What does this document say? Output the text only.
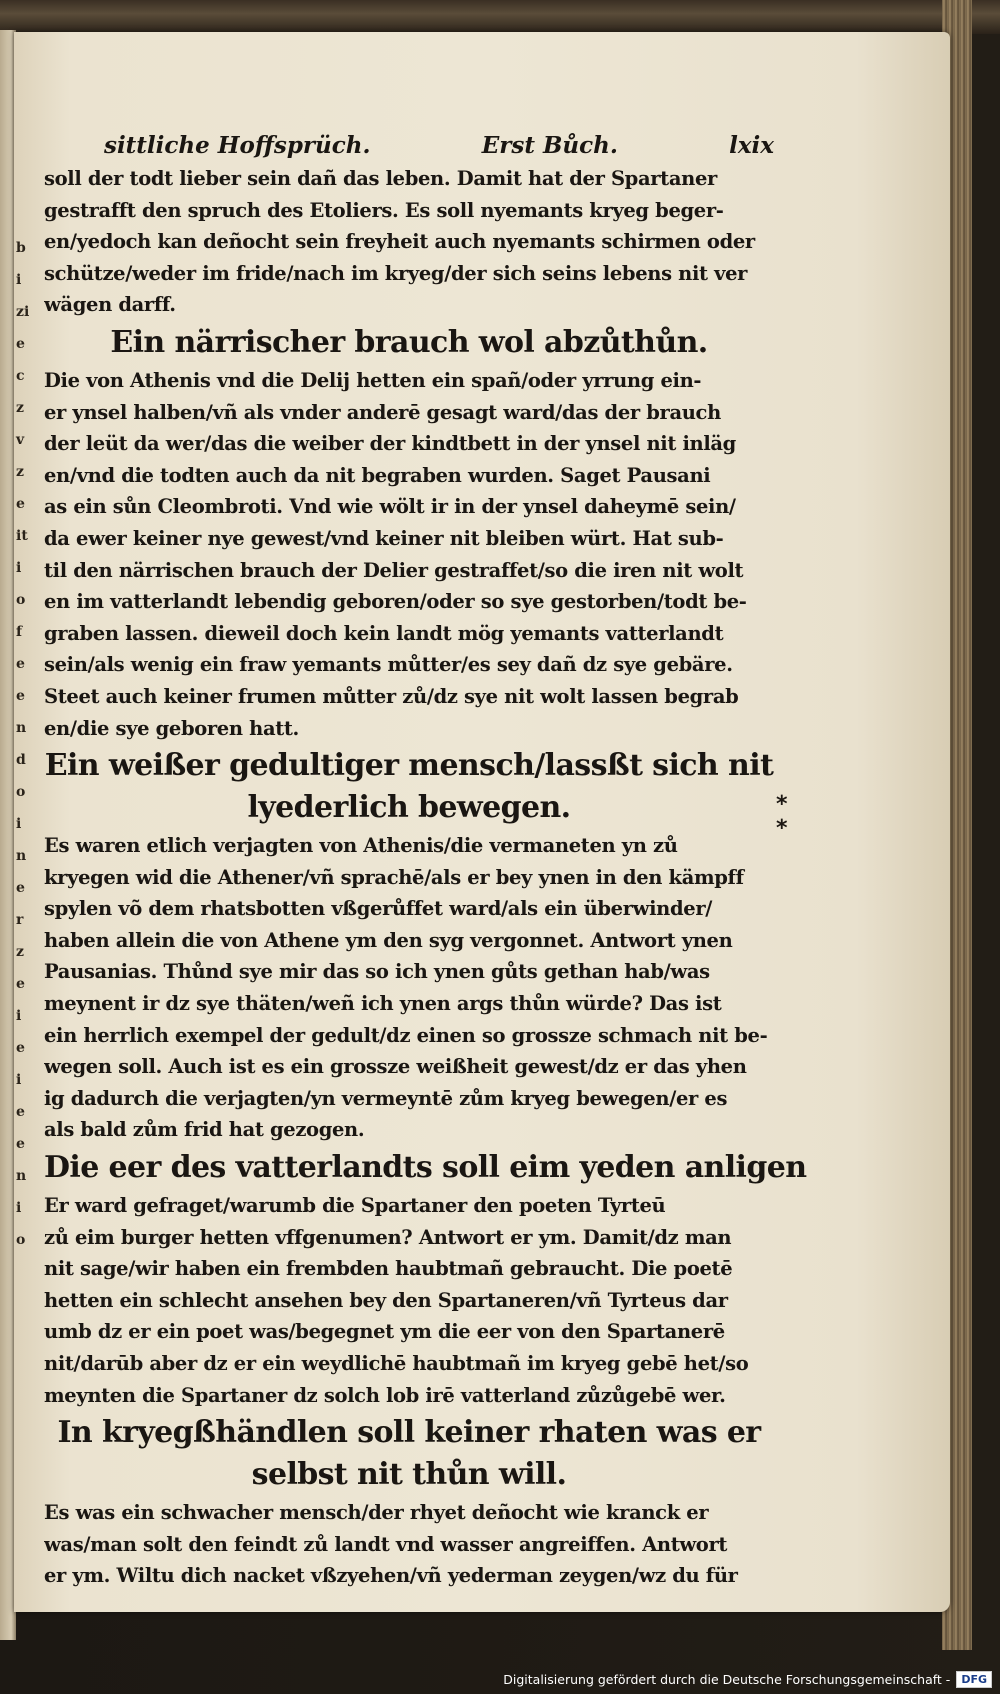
bi
zi
ec
z
v
ze
it
io
fe
en
do
i
n
er
ze
ie
ie
en
io
sittliche Hoffsprüch.	Erst Bůch.	lxix
soll der todt lieber sein dañ das leben. Damit hat der Spartaner
gestrafft den spruch des Etoliers. Es soll nyemants kryeg beger-
en/yedoch kan deñocht sein freyheit auch nyemants schirmen oder
schütze/weder im fride/nach im kryeg/der sich seins lebens nit ver
wägen darff.
Ein närrischer brauch wol abzůthůn.
Die von Athenis vnd die Delij hetten ein spañ/oder yrrung ein-
er ynsel halben/vñ als vnder anderē gesagt ward/das der brauch
der leüt da wer/das die weiber der kindtbett in der ynsel nit inläg
en/vnd die todten auch da nit begraben wurden. Saget Pausani
as ein sůn Cleombroti. Vnd wie wölt ir in der ynsel daheymē sein/
da ewer keiner nye gewest/vnd keiner nit bleiben würt. Hat sub-
til den närrischen brauch der Delier gestraffet/so die iren nit wolt
en im vatterlandt lebendig geboren/oder so sye gestorben/todt be-
graben lassen. dieweil doch kein landt mög yemants vatterlandt
sein/als wenig ein fraw yemants můtter/es sey dañ dz sye gebäre.
Steet auch keiner frumen můtter zů/dz sye nit wolt lassen begrab
en/die sye geboren hatt.
Ein weißer gedultiger mensch/lassßt sich nit
lyederlich bewegen.
Es waren etlich verjagten von Athenis/die vermaneten yn zů
kryegen wid die Athener/vñ sprachē/als er bey ynen in den kämpff
spylen võ dem rhatsbotten vßgerůffet ward/als ein überwinder/
haben allein die von Athene ym den syg vergonnet. Antwort ynen
Pausanias. Thůnd sye mir das so ich ynen gůts gethan hab/was
meynent ir dz sye thäten/weñ ich ynen args thůn würde? Das ist
ein herrlich exempel der gedult/dz einen so grossze schmach nit be-
wegen soll. Auch ist es ein grossze weißheit gewest/dz er das yhen
ig dadurch die verjagten/yn vermeyntē zům kryeg bewegen/er es
als bald zům frid hat gezogen.
Die eer des vatterlandts soll eim yeden anligen
Er ward gefraget/warumb die Spartaner den poeten Tyrteū
zů eim burger hetten vffgenumen? Antwort er ym. Damit/dz man
nit sage/wir haben ein frembden haubtmañ gebraucht. Die poetē
hetten ein schlecht ansehen bey den Spartaneren/vñ Tyrteus dar
umb dz er ein poet was/begegnet ym die eer von den Spartanerē
nit/darūb aber dz er ein weydlichē haubtmañ im kryeg gebē het/so
meynten die Spartaner dz solch lob irē vatterland zůzůgebē wer.
In kryegßhändlen soll keiner rhaten was er
selbst nit thůn will.
Es was ein schwacher mensch/der rhyet deñocht wie kranck er
was/man solt den feindt zů landt vnd wasser angreiffen. Antwort
er ym. Wiltu dich nacket vßzyehen/vñ yederman zeygen/wz du für
*
*
Digitalisierung gefördert durch die Deutsche Forschungsgemeinschaft -	DFG
